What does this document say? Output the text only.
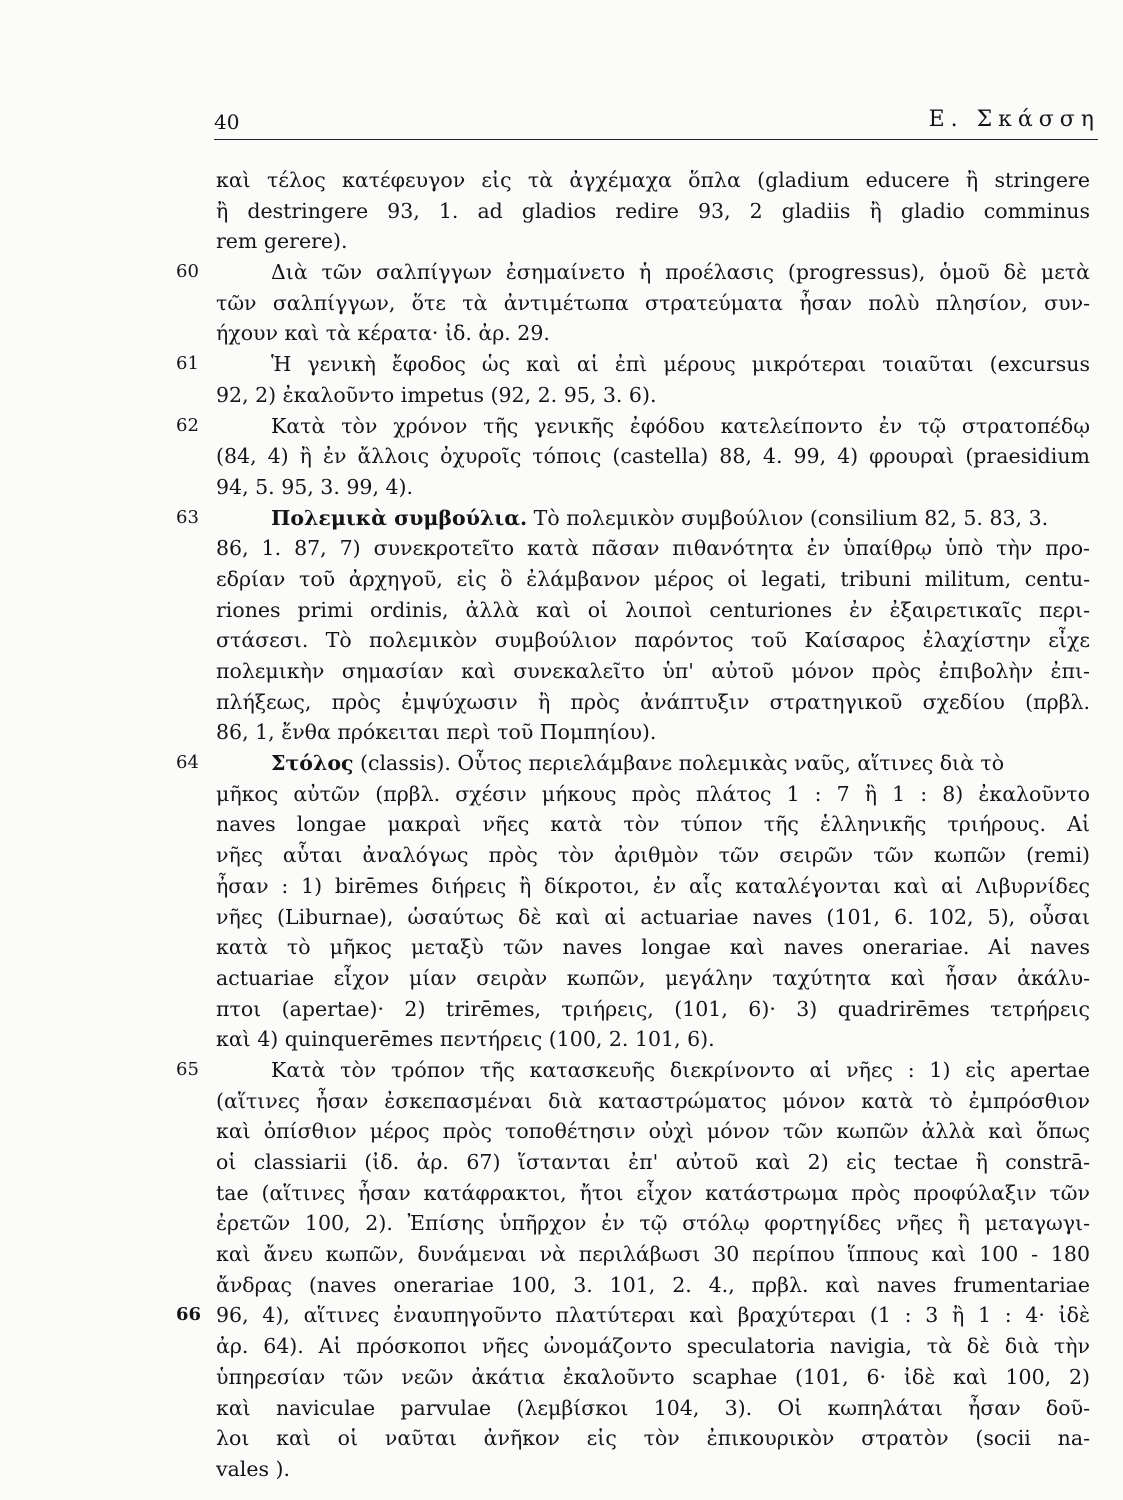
40	Ε. Σκάσση
καὶ τέλος κατέφευγον εἰς τὰ ἀγχέμαχα ὅπλα (gladium educere ἢ stringere
ἢ destringere 93, 1. ad gladios redire 93, 2 gladiis ἢ gladio comminus
rem gerere).
60	Διὰ τῶν σαλπίγγων ἐσημαίνετο ἡ προέλασις (progressus), ὁμοῦ δὲ μετὰ
τῶν σαλπίγγων, ὅτε τὰ ἀντιμέτωπα στρατεύματα ἦσαν πολὺ πλησίον, συν-
ήχουν καὶ τὰ κέρατα· ἰδ. ἀρ. 29.
61	Ἡ γενικὴ ἔφοδος ὡς καὶ αἱ ἐπὶ μέρους μικρότεραι τοιαῦται (excursus
92, 2) ἐκαλοῦντο impetus (92, 2. 95, 3. 6).
62	Κατὰ τὸν χρόνον τῆς γενικῆς ἐφόδου κατελείποντο ἐν τῷ στρατοπέδῳ
(84, 4) ἢ ἐν ἄλλοις ὀχυροῖς τόποις (castella) 88, 4. 99, 4) φρουραὶ (praesidium
94, 5. 95, 3. 99, 4).
63	Πολεμικὰ συμβούλια. Τὸ πολεμικὸν συμβούλιον (consilium 82, 5. 83, 3.
86, 1. 87, 7) συνεκροτεῖτο κατὰ πᾶσαν πιθανότητα ἐν ὑπαίθρῳ ὑπὸ τὴν προ-
εδρίαν τοῦ ἀρχηγοῦ, εἰς ὃ ἐλάμβανον μέρος οἱ legati, tribuni militum, centu-
riones primi ordinis, ἀλλὰ καὶ οἱ λοιποὶ centuriones ἐν ἐξαιρετικαῖς περι-
στάσεσι. Τὸ πολεμικὸν συμβούλιον παρόντος τοῦ Καίσαρος ἐλαχίστην εἶχε
πολεμικὴν σημασίαν καὶ συνεκαλεῖτο ὑπ' αὐτοῦ μόνον πρὸς ἐπιβολὴν ἐπι-
πλήξεως, πρὸς ἐμψύχωσιν ἢ πρὸς ἀνάπτυξιν στρατηγικοῦ σχεδίου (πρβλ.
86, 1, ἔνθα πρόκειται περὶ τοῦ Πομπηίου).
64	Στόλος (classis). Οὗτος περιελάμβανε πολεμικὰς ναῦς, αἵτινες διὰ τὸ
μῆκος αὐτῶν (πρβλ. σχέσιν μήκους πρὸς πλάτος 1 : 7 ἢ 1 : 8) ἐκαλοῦντο
naves longae μακραὶ νῆες κατὰ τὸν τύπον τῆς ἑλληνικῆς τριήρους. Αἱ
νῆες αὗται ἀναλόγως πρὸς τὸν ἀριθμὸν τῶν σειρῶν τῶν κωπῶν (remi)
ἦσαν : 1) birēmes διήρεις ἢ δίκροτοι, ἐν αἷς καταλέγονται καὶ αἱ Λιβυρνίδες
νῆες (Liburnae), ὡσαύτως δὲ καὶ αἱ actuariae naves (101, 6. 102, 5), οὖσαι
κατὰ τὸ μῆκος μεταξὺ τῶν naves longae καὶ naves onerariae. Αἱ naves
actuariae εἶχον μίαν σειρὰν κωπῶν, μεγάλην ταχύτητα καὶ ἦσαν ἀκάλυ-
πτοι (apertae)· 2) trirēmes, τριήρεις, (101, 6)· 3) quadrirēmes τετρήρεις
καὶ 4) quinquerēmes πεντήρεις (100, 2. 101, 6).
65	Κατὰ τὸν τρόπον τῆς κατασκευῆς διεκρίνοντο αἱ νῆες : 1) εἰς apertae
(αἵτινες ἦσαν ἐσκεπασμέναι διὰ καταστρώματος μόνον κατὰ τὸ ἐμπρόσθιον
καὶ ὀπίσθιον μέρος πρὸς τοποθέτησιν οὐχὶ μόνον τῶν κωπῶν ἀλλὰ καὶ ὅπως
οἱ classiarii (ἰδ. ἀρ. 67) ἵστανται ἐπ' αὐτοῦ καὶ 2) εἰς tectae ἢ constrā-
tae (αἵτινες ἦσαν κατάφρακτοι, ἤτοι εἶχον κατάστρωμα πρὸς προφύλαξιν τῶν
ἐρετῶν 100, 2). Ἐπίσης ὑπῆρχον ἐν τῷ στόλῳ φορτηγίδες νῆες ἢ μεταγωγι-
καὶ ἄνευ κωπῶν, δυνάμεναι νὰ περιλάβωσι 30 περίπου ἵππους καὶ 100 - 180
ἄνδρας (naves onerariae 100, 3. 101, 2. 4., πρβλ. καὶ naves frumentariae
66 96, 4), αἵτινες ἐναυπηγοῦντο πλατύτεραι καὶ βραχύτεραι (1 : 3 ἢ 1 : 4· ἰδὲ
ἀρ. 64). Αἱ πρόσκοποι νῆες ὠνομάζοντο speculatoria navigia, τὰ δὲ διὰ τὴν
ὑπηρεσίαν τῶν νεῶν ἀκάτια ἐκαλοῦντο scaphae (101, 6· ἰδὲ καὶ 100, 2)
καὶ naviculae parvulae (λεμβίσκοι 104, 3). Οἱ κωπηλάται ἦσαν δοῦ-
λοι καὶ οἱ ναῦται ἀνῆκον εἰς τὸν ἐπικουρικὸν στρατὸν (socii na-
vales ).
